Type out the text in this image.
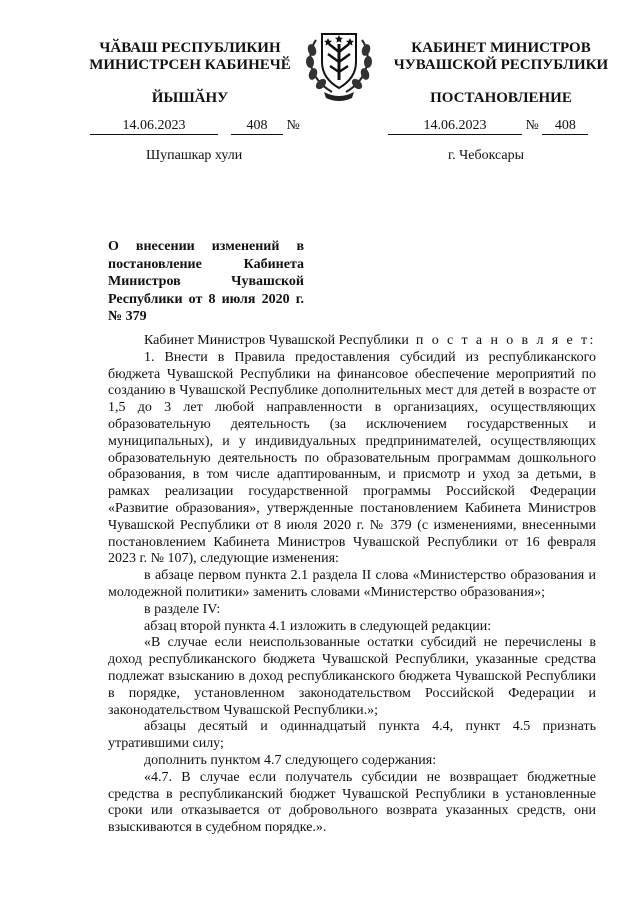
ЧӐВАШ РЕСПУБЛИКИН
МИНИСТРСЕН КАБИНЕЧӖ
ЙЫШӐНУ
КАБИНЕТ МИНИСТРОВ
ЧУВАШСКОЙ РЕСПУБЛИКИ
ПОСТАНОВЛЕНИЕ
14.06.2023	408 №	14.06.2023	№ 408
Шупашкар хули	г. Чебоксары
О внесении изменений в постановление Кабинета Министров Чувашской Республики от 8 июля 2020 г. № 379

Кабинет Министров Чувашской Республики п о с т а н о в л я е т:

1. Внести в Правила предоставления субсидий из республиканского бюджета Чувашской Республики на финансовое обеспечение мероприятий по созданию в Чувашской Республике дополнительных мест для детей в возрасте от 1,5 до 3 лет любой направленности в организациях, осуществляющих образовательную деятельность (за исключением государственных и муниципальных), и у индивидуальных предпринимателей, осуществляющих образовательную деятельность по образовательным программам дошкольного образования, в том числе адаптированным, и присмотр и уход за детьми, в рамках реализации государственной программы Российской Федерации «Развитие образования», утвержденные постановлением Кабинета Министров Чувашской Республики от 8 июля 2020 г. № 379 (с изменениями, внесенными постановлением Кабинета Министров Чувашской Республики от 16 февраля 2023 г. № 107), следующие изменения:

в абзаце первом пункта 2.1 раздела II слова «Министерство образования и молодежной политики» заменить словами «Министерство образования»;

в разделе IV:

абзац второй пункта 4.1 изложить в следующей редакции:

«В случае если неиспользованные остатки субсидий не перечислены в доход республиканского бюджета Чувашской Республики, указанные средства подлежат взысканию в доход республиканского бюджета Чувашской Республики в порядке, установленном законодательством Российской Федерации и законодательством Чувашской Республики.»;

абзацы десятый и одиннадцатый пункта 4.4, пункт 4.5 признать утратившими силу;

дополнить пунктом 4.7 следующего содержания:

«4.7. В случае если получатель субсидии не возвращает бюджетные средства в республиканский бюджет Чувашской Республики в установленные сроки или отказывается от добровольного возврата указанных средств, они взыскиваются в судебном порядке.».
